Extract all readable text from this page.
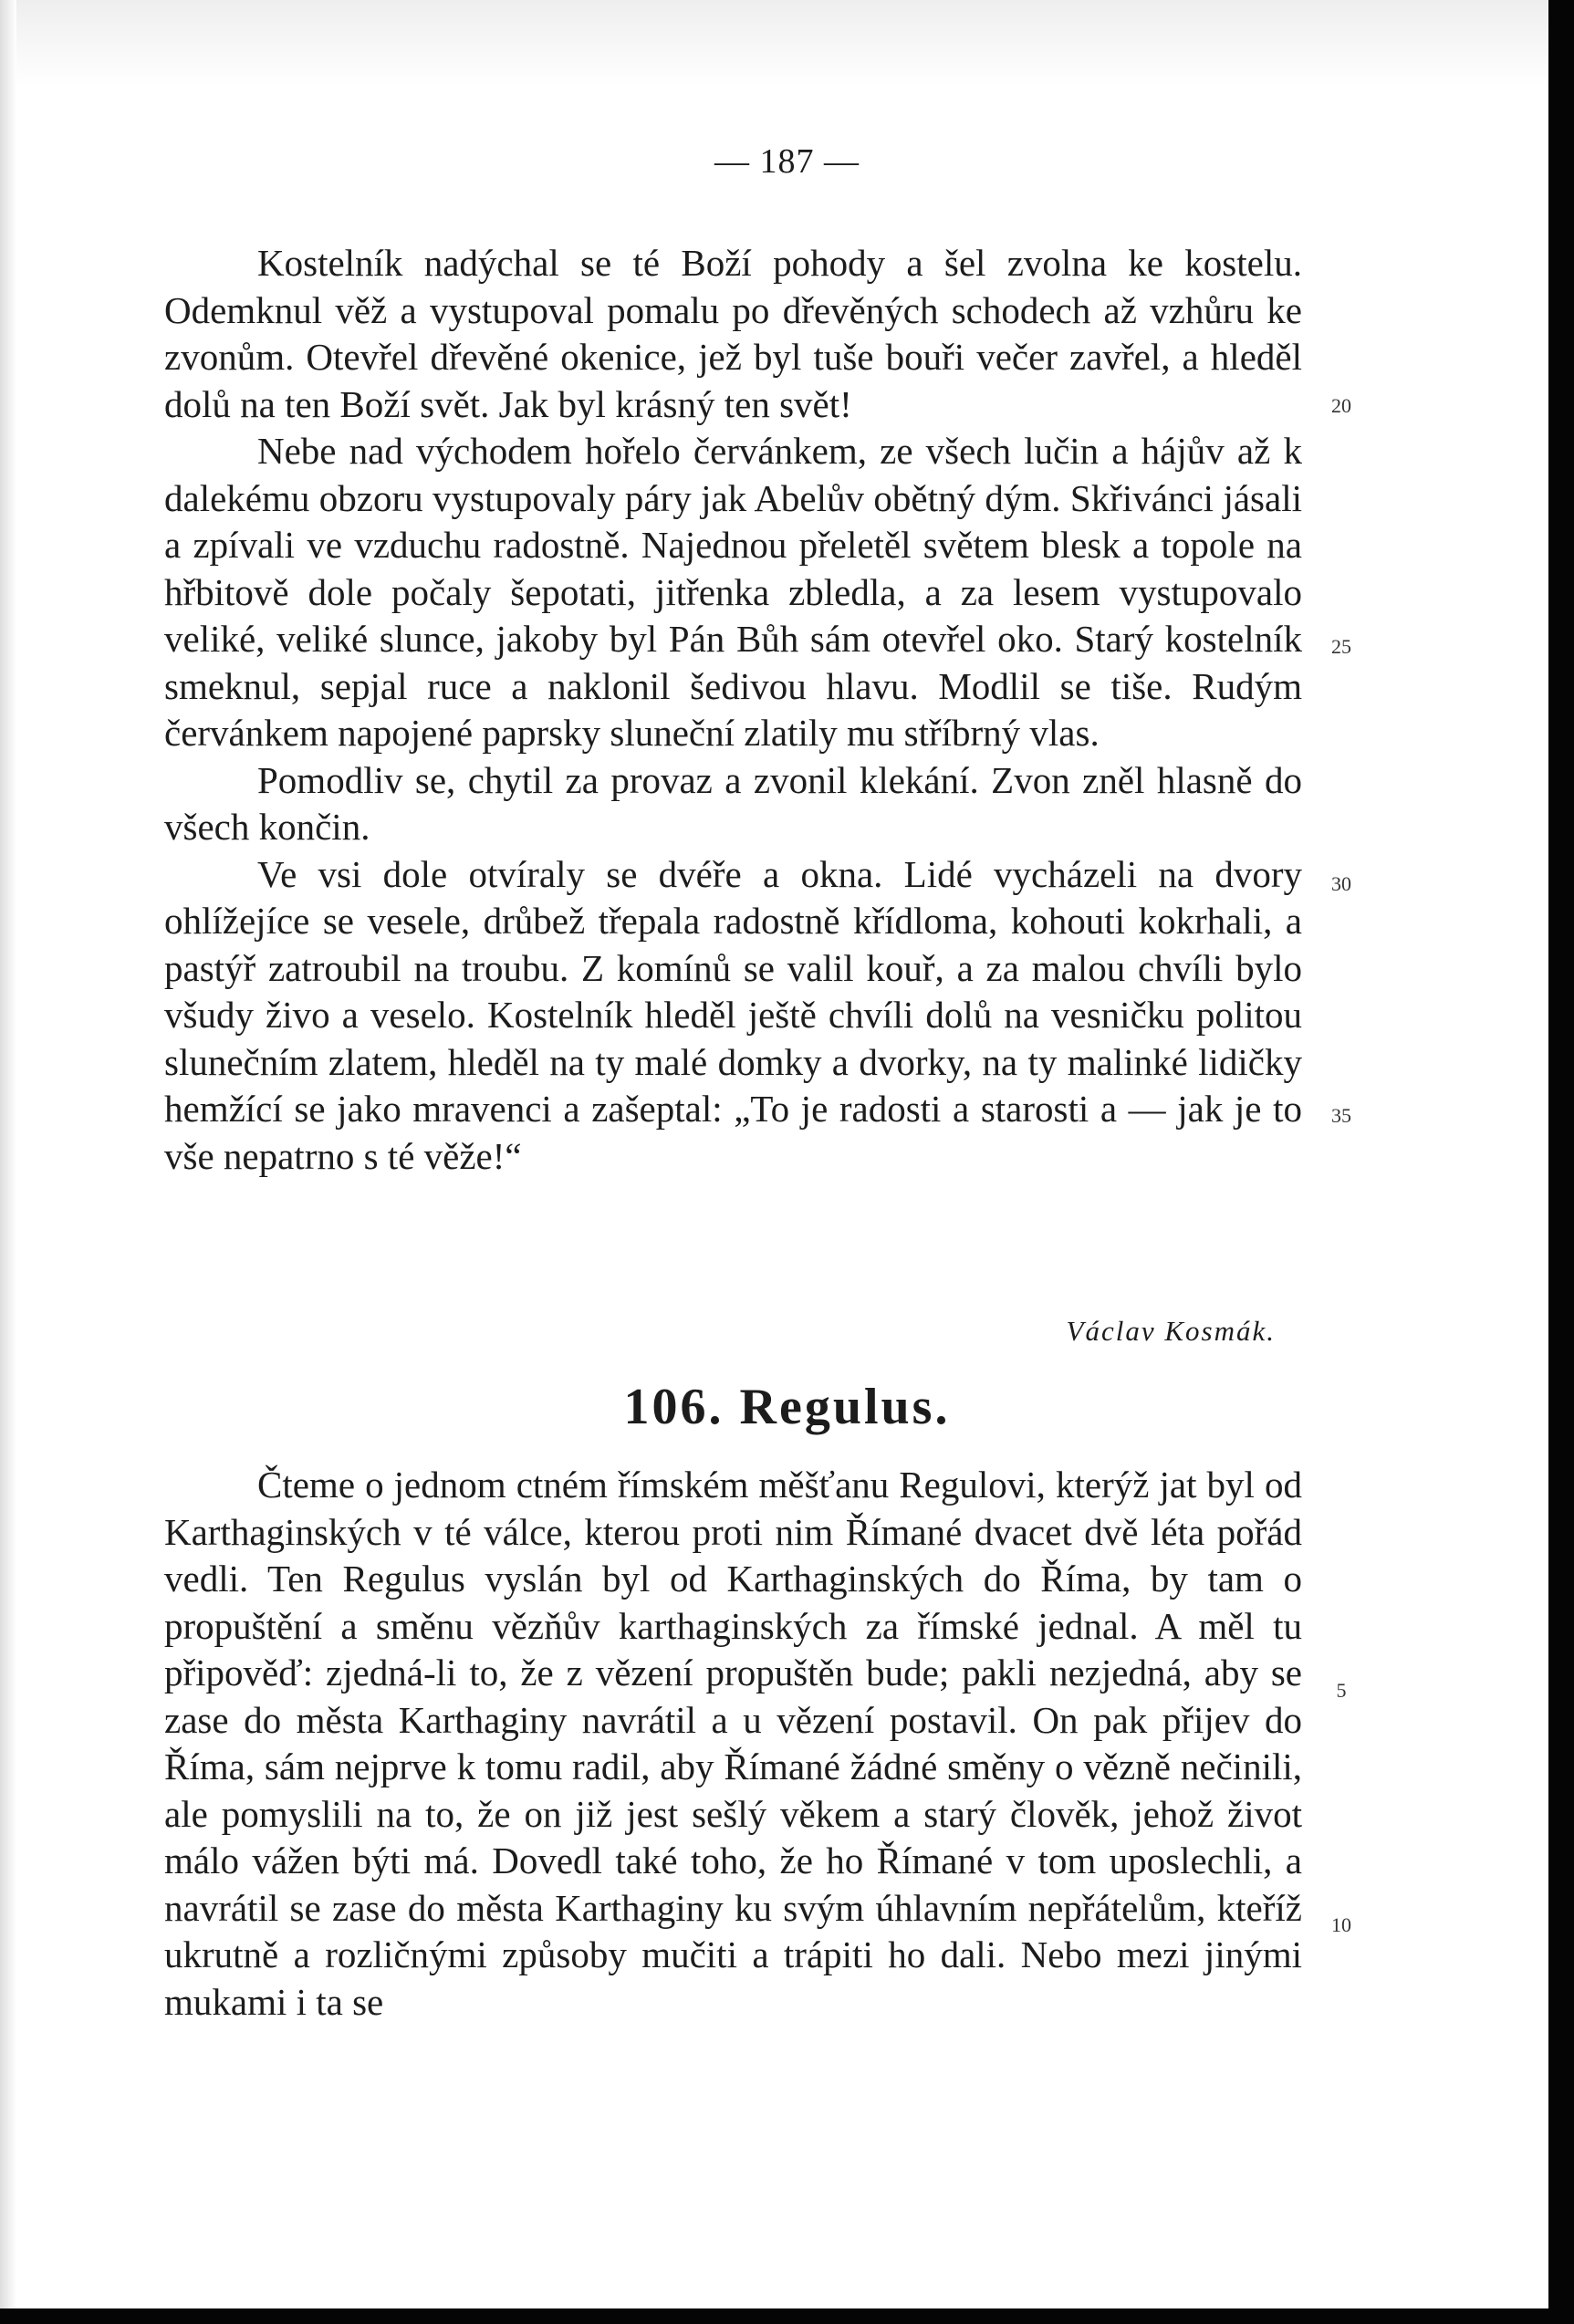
— 187 —

Kostelník nadýchal se té Boží pohody a šel zvolna ke kostelu. Odemknul věž a vystupoval pomalu po dřevěných schodech až vzhůru ke zvonům. Otevřel dřevěné okenice, jež byl tuše bouři večer zavřel, a hleděl dolů na ten Boží svět. Jak byl krásný ten svět!

Nebe nad východem hořelo červánkem, ze všech lučin a hájův až k dalekému obzoru vystupovaly páry jak Abelův obětný dým. Skřivánci jásali a zpívali ve vzduchu radostně. Najednou přeletěl světem blesk a topole na hřbitově dole počaly šepotati, jitřenka zbledla, a za lesem vystupovalo veliké, veliké slunce, jakoby byl Pán Bůh sám otevřel oko. Starý kostelník smeknul, sepjal ruce a naklonil šedivou hlavu. Modlil se tiše. Rudým červánkem napojené paprsky sluneční zlatily mu stříbrný vlas.

Pomodliv se, chytil za provaz a zvonil klekání. Zvon zněl hlasně do všech končin.

Ve vsi dole otvíraly se dvéře a okna. Lidé vycházeli na dvory ohlížejíce se vesele, drůbež třepala radostně křídloma, kohouti kokrhali, a pastýř zatroubil na troubu. Z komínů se valil kouř, a za malou chvíli bylo všudy živo a veselo. Kostelník hleděl ještě chvíli dolů na vesničku politou slunečním zlatem, hleděl na ty malé domky a dvorky, na ty malinké lidičky hemžící se jako mravenci a zašeptal: „To je radosti a starosti a — jak je to vše nepatrno s té věže!“

Václav Kosmák.
106. Regulus.

Čteme o jednom ctném římském měšťanu Regulovi, kterýž jat byl od Karthaginských v té válce, kterou proti nim Římané dvacet dvě léta pořád vedli. Ten Regulus vyslán byl od Karthaginských do Říma, by tam o propuštění a směnu vězňův karthaginských za římské jednal. A měl tu připověď: zjedná-li to, že z vězení propuštěn bude; pakli nezjedná, aby se zase do města Karthaginy navrátil a u vězení postavil. On pak přijev do Říma, sám nejprve k tomu radil, aby Římané žádné směny o vězně nečinili, ale pomyslili na to, že on již jest sešlý věkem a starý člověk, jehož život málo vážen býti má. Dovedl také toho, že ho Římané v tom uposlechli, a navrátil se zase do města Karthaginy ku svým úhlavním nepřátelům, kteříž ukrutně a rozličnými způsoby mučiti a trápiti ho dali. Nebo mezi jinými mukami i ta se

20
25
30
35
5
10
